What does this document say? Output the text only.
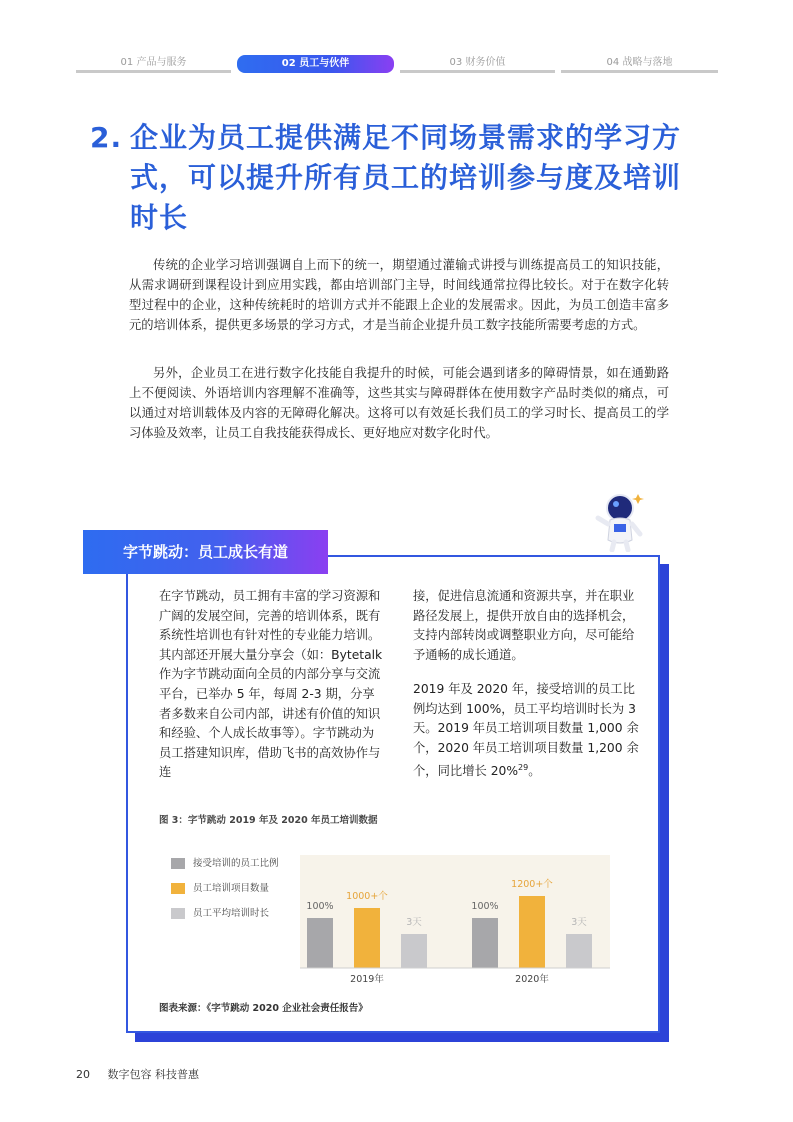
01 产品与服务	02 员工与伙伴	03 财务价值	04 战略与落地
2. 企业为员工提供满足不同场景需求的学习方式，可以提升所有员工的培训参与度及培训时长

传统的企业学习培训强调自上而下的统一，期望通过灌输式讲授与训练提高员工的知识技能，从需求调研到课程设计到应用实践，都由培训部门主导，时间线通常拉得比较长。对于在数字化转型过程中的企业，这种传统耗时的培训方式并不能跟上企业的发展需求。因此，为员工创造丰富多元的培训体系，提供更多场景的学习方式，才是当前企业提升员工数字技能所需要考虑的方式。

另外，企业员工在进行数字化技能自我提升的时候，可能会遇到诸多的障碍情景，如在通勤路上不便阅读、外语培训内容理解不准确等，这些其实与障碍群体在使用数字产品时类似的痛点，可以通过对培训载体及内容的无障碍化解决。这将可以有效延长我们员工的学习时长、提高员工的学习体验及效率，让员工自我技能获得成长、更好地应对数字化时代。

字节跳动：员工成长有道

在字节跳动，员工拥有丰富的学习资源和广阔的发展空间，完善的培训体系，既有系统性培训也有针对性的专业能力培训。其内部还开展大量分享会（如：Bytetalk 作为字节跳动面向全员的内部分享与交流平台，已举办 5 年，每周 2-3 期，分享者多数来自公司内部，讲述有价值的知识和经验、个人成长故事等）。字节跳动为员工搭建知识库，借助飞书的高效协作与连

接，促进信息流通和资源共享，并在职业路径发展上，提供开放自由的选择机会，支持内部转岗或调整职业方向，尽可能给予通畅的成长通道。

2019 年及 2020 年，接受培训的员工比例均达到 100%，员工平均培训时长为 3 天。2019 年员工培训项目数量 1,000 余个，2020 年员工培训项目数量 1,200 余个，同比增长 20%$^{29}$。

图 3：字节跳动 2019 年及 2020 年员工培训数据
接受培训的员工比例
员工培训项目数量
员工平均培训时长
100%
1000+个
3天
2019年
100%
1200+个
3天
2020年
图表来源：《字节跳动 2020 企业社会责任报告》
20 数字包容 科技普惠
